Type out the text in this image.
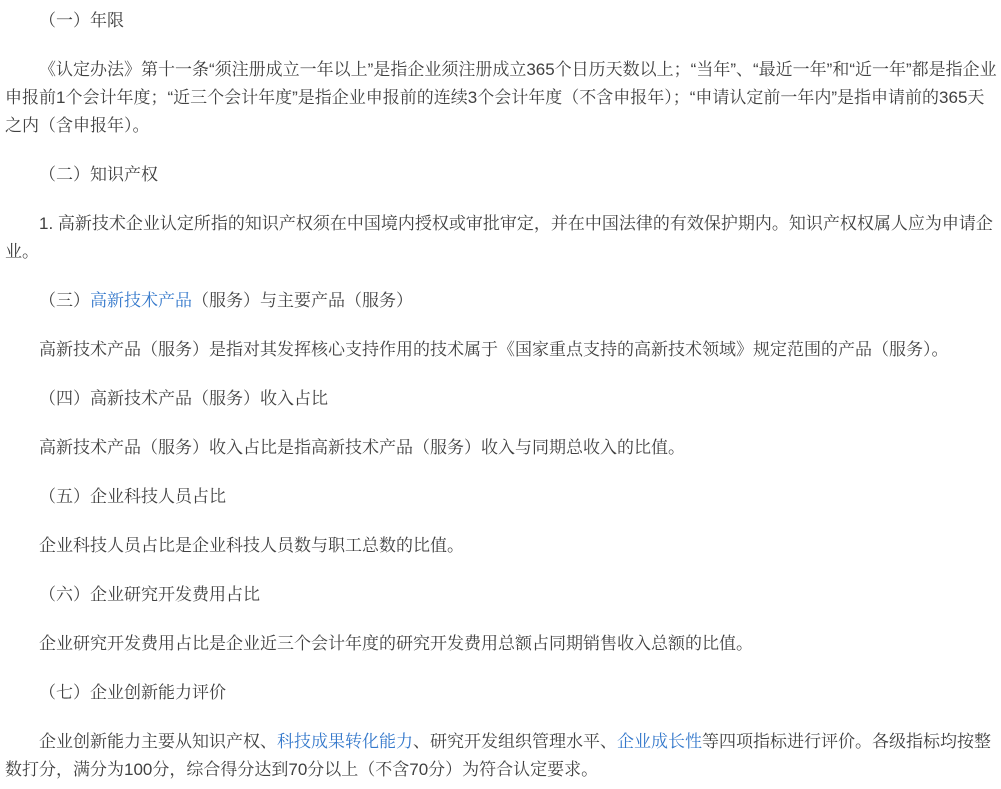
（一）年限

《认定办法》第十一条“须注册成立一年以上”是指企业须注册成立365个日历天数以上；“当年”、“最近一年”和“近一年”都是指企业申报前1个会计年度；“近三个会计年度”是指企业申报前的连续3个会计年度（不含申报年）；“申请认定前一年内”是指申请前的365天之内（含申报年）。

（二）知识产权

1. 高新技术企业认定所指的知识产权须在中国境内授权或审批审定，并在中国法律的有效保护期内。知识产权权属人应为申请企业。

（三）高新技术产品（服务）与主要产品（服务）

高新技术产品（服务）是指对其发挥核心支持作用的技术属于《国家重点支持的高新技术领域》规定范围的产品（服务）。

（四）高新技术产品（服务）收入占比

高新技术产品（服务）收入占比是指高新技术产品（服务）收入与同期总收入的比值。

（五）企业科技人员占比

企业科技人员占比是企业科技人员数与职工总数的比值。

（六）企业研究开发费用占比

企业研究开发费用占比是企业近三个会计年度的研究开发费用总额占同期销售收入总额的比值。

（七）企业创新能力评价

企业创新能力主要从知识产权、科技成果转化能力、研究开发组织管理水平、企业成长性等四项指标进行评价。各级指标均按整数打分，满分为100分，综合得分达到70分以上（不含70分）为符合认定要求。
